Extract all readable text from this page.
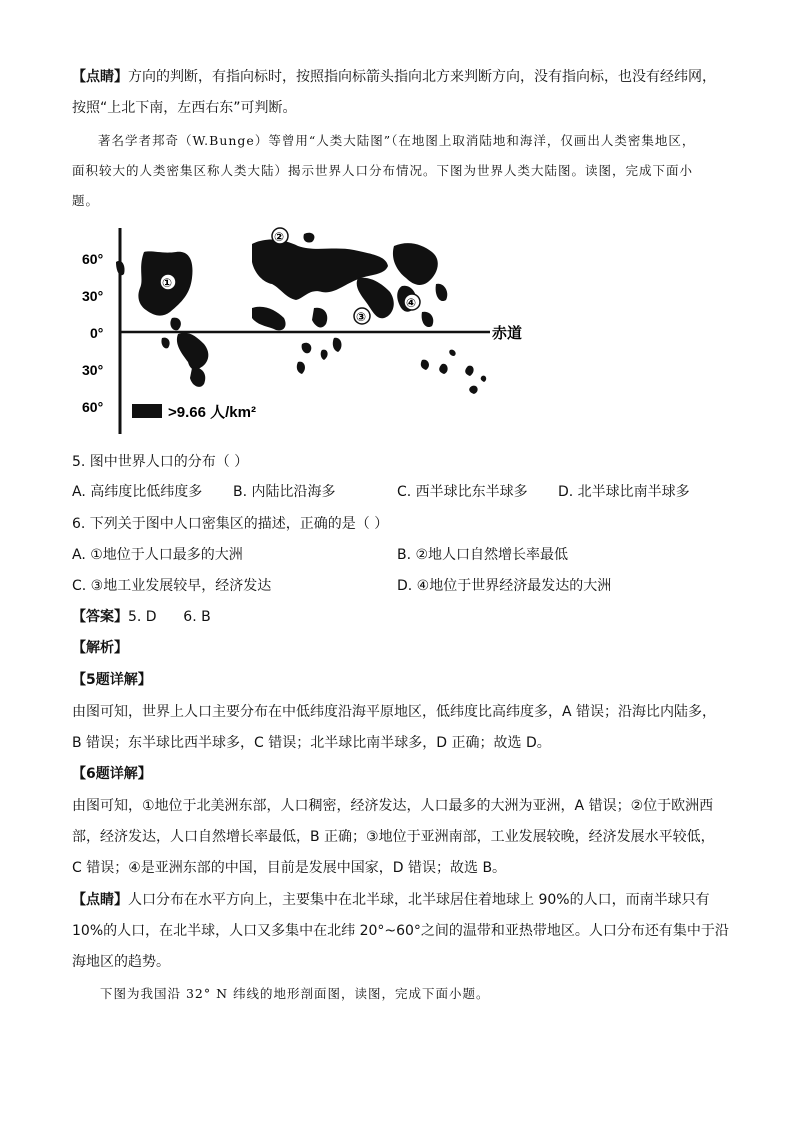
【点睛】方向的判断，有指向标时，按照指向标箭头指向北方来判断方向，没有指向标，也没有经纬网，
按照“上北下南，左西右东”可判断。
著名学者邦奇（W.Bunge）等曾用“人类大陆图”（在地图上取消陆地和海洋，仅画出人类密集地区，
面积较大的人类密集区称人类大陆）揭示世界人口分布情况。下图为世界人类大陆图。读图，完成下面小
题。
60°
30°
0°
30°
60°
赤道
①
②
③
④
>9.66 人/km²
5. 图中世界人口的分布（ ）
A. 高纬度比低纬度多 B. 内陆比沿海多	C. 西半球比东半球多 D. 北半球比南半球多
6. 下列关于图中人口密集区的描述，正确的是（ ）
A. ①地位于人口最多的大洲	B. ②地人口自然增长率最低
C. ③地工业发展较早，经济发达	D. ④地位于世界经济最发达的大洲
【答案】5. D      6. B
【解析】
【5题详解】
由图可知，世界上人口主要分布在中低纬度沿海平原地区，低纬度比高纬度多，A 错误；沿海比内陆多，
B 错误；东半球比西半球多，C 错误；北半球比南半球多，D 正确；故选 D。
【6题详解】
由图可知，①地位于北美洲东部，人口稠密，经济发达，人口最多的大洲为亚洲，A 错误；②位于欧洲西
部，经济发达，人口自然增长率最低，B 正确；③地位于亚洲南部，工业发展较晚，经济发展水平较低，
C 错误；④是亚洲东部的中国，目前是发展中国家，D 错误；故选 B。
【点睛】人口分布在水平方向上，主要集中在北半球，北半球居住着地球上 90%的人口，而南半球只有
10%的人口，在北半球，人口又多集中在北纬 20°~60°之间的温带和亚热带地区。人口分布还有集中于沿
海地区的趋势。
下图为我国沿 32° N 纬线的地形剖面图，读图，完成下面小题。
